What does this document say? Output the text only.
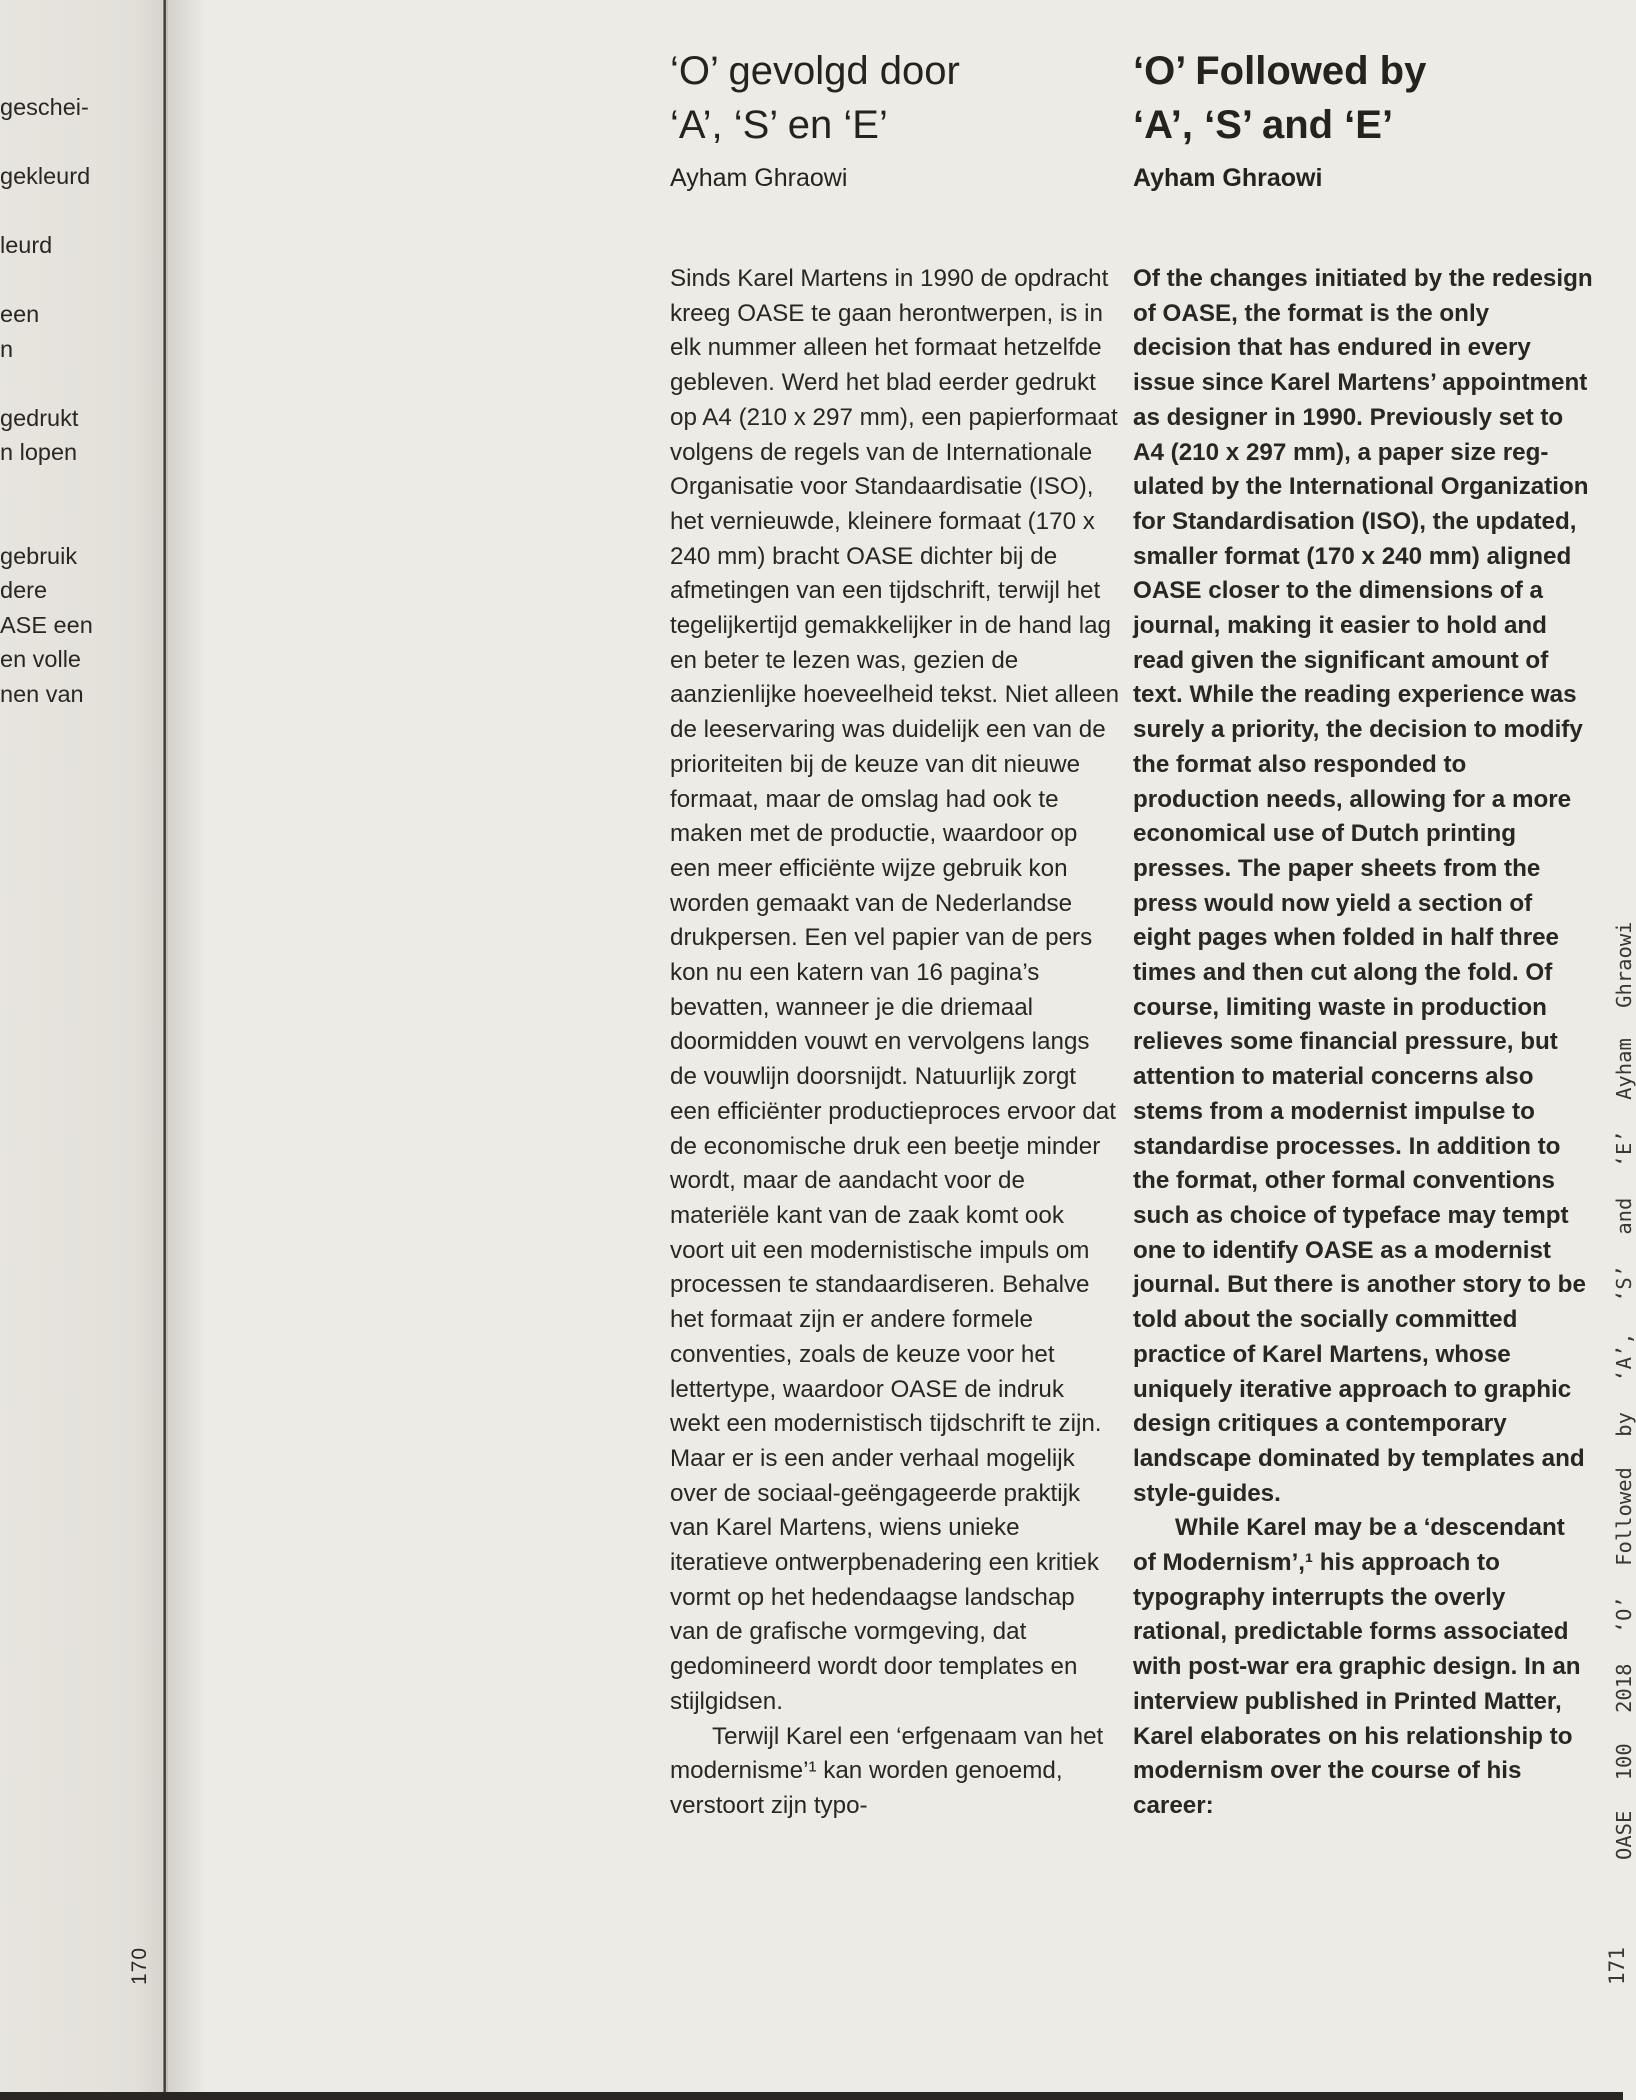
geschei-
gekleurd
leurd
een
n
gedrukt
n lopen
gebruik
dere
ASE een
en volle
nen van
170
‘O’ gevolgd door
‘A’, ‘S’ en ‘E’

Ayham Ghraowi

Sinds Karel Martens in 1990 de opdracht kreeg OASE te gaan herontwerpen, is in elk nummer alleen het formaat hetzelfde gebleven. Werd het blad eerder gedrukt op A4 (210 x 297 mm), een papierformaat volgens de regels van de Internationale Organisatie voor Standaardisatie (ISO), het vernieuwde, kleinere formaat (170 x 240 mm) bracht OASE dichter bij de afmetingen van een tijdschrift, terwijl het tegelijkertijd gemakkelijker in de hand lag en beter te lezen was, gezien de aanzienlijke hoeveelheid tekst. Niet alleen de leeservaring was duidelijk een van de prioriteiten bij de keuze van dit nieuwe formaat, maar de omslag had ook te maken met de productie, waardoor op een meer efficiënte wijze gebruik kon worden gemaakt van de Nederlandse drukpersen. Een vel papier van de pers kon nu een katern van 16 pagina’s bevatten, wanneer je die driemaal doormidden vouwt en vervolgens langs de vouwlijn doorsnijdt. Natuurlijk zorgt een efficiënter productieproces ervoor dat de economische druk een beetje minder wordt, maar de aandacht voor de materiële kant van de zaak komt ook voort uit een modernistische impuls om processen te standaardiseren. Behalve het formaat zijn er andere formele conventies, zoals de keuze voor het lettertype, waardoor OASE de indruk wekt een modernistisch tijdschrift te zijn. Maar er is een ander verhaal mogelijk over de sociaal-geëngageerde praktijk van Karel Martens, wiens unieke iteratieve ontwerpbenadering een kritiek vormt op het hedendaagse landschap van de grafische vormgeving, dat gedomineerd wordt door templates en stijlgidsen.

Terwijl Karel een ‘erfgenaam van het modernisme’¹ kan worden genoemd, verstoort zijn typo-

‘O’ Followed by
‘A’, ‘S’ and ‘E’

Ayham Ghraowi

Of the changes initiated by the redesign of OASE, the format is the only decision that has endured in every issue since Karel Martens’ appointment as designer in 1990. Previously set to A4 (210 x 297 mm), a paper size regulated by the International Organization for Standardisation (ISO), the updated, smaller format (170 x 240 mm) aligned OASE closer to the dimensions of a journal, making it easier to hold and read given the significant amount of text. While the reading experience was surely a priority, the decision to modify the format also responded to production needs, allowing for a more economical use of Dutch printing presses. The paper sheets from the press would now yield a section of eight pages when folded in half three times and then cut along the fold. Of course, limiting waste in production relieves some financial pressure, but attention to material concerns also stems from a modernist impulse to standardise processes. In addition to the format, other formal conventions such as choice of typeface may tempt one to identify OASE as a modernist journal. But there is another story to be told about the socially committed practice of Karel Martens, whose uniquely iterative approach to graphic design critiques a contemporary landscape dominated by templates and style-guides.

While Karel may be a ‘descendant of Modernism’,¹ his approach to typography interrupts the overly rational, predictable forms associated with post-war era graphic design. In an interview published in Printed Matter, Karel elaborates on his relationship to modernism over the course of his career:	OASE 100 2018 ‘O’ Followed by ‘A’, ‘S’ and ‘E’ Ayham Ghraowi
171
